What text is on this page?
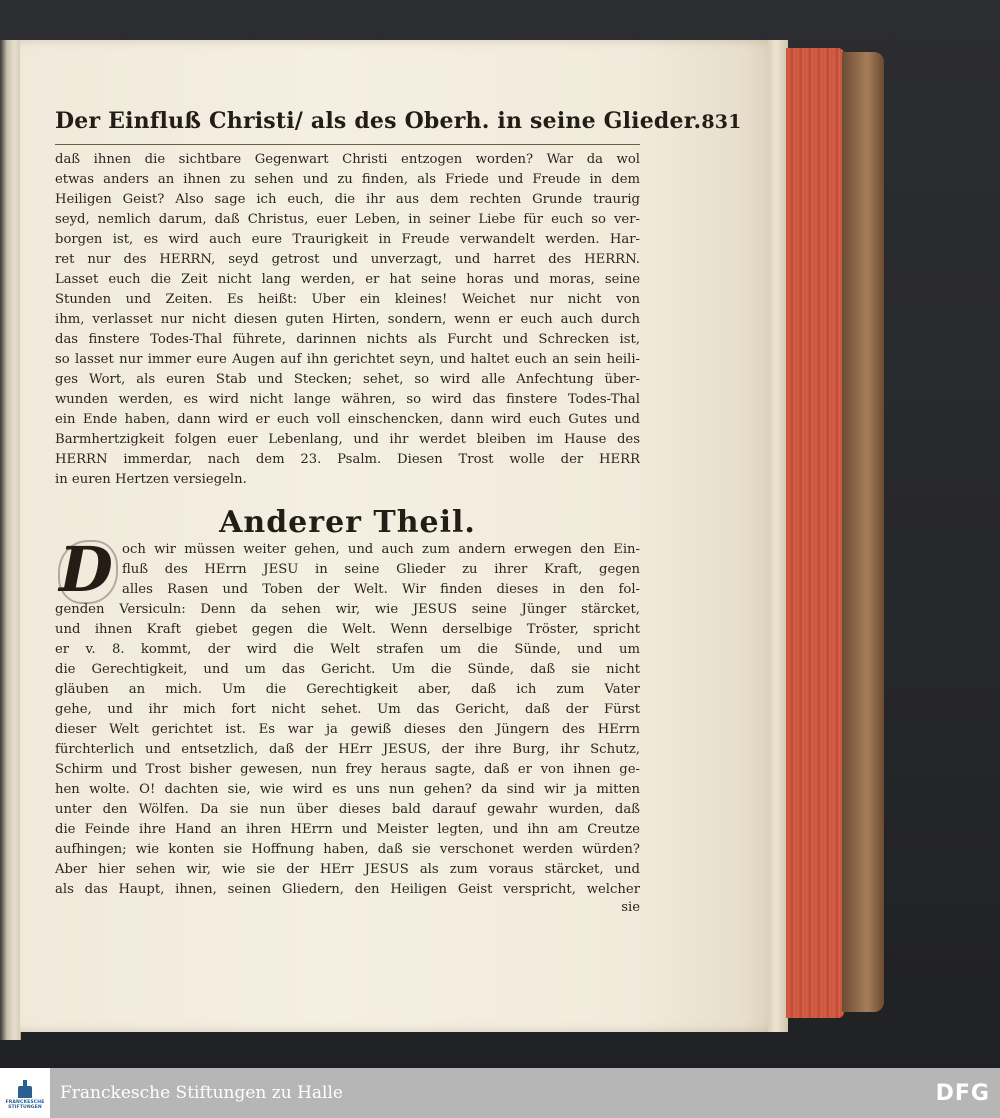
Der Einfluß Christi/ als des Oberh. in seine Glieder. 831
daß ihnen die sichtbare Gegenwart Christi entzogen worden? War da wol
etwas anders an ihnen zu sehen und zu finden, als Friede und Freude in dem
Heiligen Geist? Also sage ich euch, die ihr aus dem rechten Grunde traurig
seyd, nemlich darum, daß Christus, euer Leben, in seiner Liebe für euch so ver-
borgen ist, es wird auch eure Traurigkeit in Freude verwandelt werden. Har-
ret nur des HERRN, seyd getrost und unverzagt, und harret des HERRN.
Lasset euch die Zeit nicht lang werden, er hat seine horas und moras, seine
Stunden und Zeiten. Es heißt: Uber ein kleines! Weichet nur nicht von
ihm, verlasset nur nicht diesen guten Hirten, sondern, wenn er euch auch durch
das finstere Todes-Thal führete, darinnen nichts als Furcht und Schrecken ist,
so lasset nur immer eure Augen auf ihn gerichtet seyn, und haltet euch an sein heili-
ges Wort, als euren Stab und Stecken; sehet, so wird alle Anfechtung über-
wunden werden, es wird nicht lange währen, so wird das finstere Todes-Thal
ein Ende haben, dann wird er euch voll einschencken, dann wird euch Gutes und
Barmhertzigkeit folgen euer Lebenlang, und ihr werdet bleiben im Hause des
HERRN immerdar, nach dem 23. Psalm. Diesen Trost wolle der HERR
in euren Hertzen versiegeln.
Anderer Theil.
D och wir müssen weiter gehen, und auch zum andern erwegen den Ein-
fluß des HErrn JESU in seine Glieder zu ihrer Kraft, gegen
alles Rasen und Toben der Welt. Wir finden dieses in den fol-
genden Versiculn: Denn da sehen wir, wie JESUS seine Jünger stärcket,
und ihnen Kraft giebet gegen die Welt. Wenn derselbige Tröster, spricht
er v. 8. kommt, der wird die Welt strafen um die Sünde, und um
die Gerechtigkeit, und um das Gericht. Um die Sünde, daß sie nicht
gläuben an mich. Um die Gerechtigkeit aber, daß ich zum Vater
gehe, und ihr mich fort nicht sehet. Um das Gericht, daß der Fürst
dieser Welt gerichtet ist. Es war ja gewiß dieses den Jüngern des HErrn
fürchterlich und entsetzlich, daß der HErr JESUS, der ihre Burg, ihr Schutz,
Schirm und Trost bisher gewesen, nun frey heraus sagte, daß er von ihnen ge-
hen wolte. O! dachten sie, wie wird es uns nun gehen? da sind wir ja mitten
unter den Wölfen. Da sie nun über dieses bald darauf gewahr wurden, daß
die Feinde ihre Hand an ihren HErrn und Meister legten, und ihn am Creutze
aufhingen; wie konten sie Hoffnung haben, daß sie verschonet werden würden?
Aber hier sehen wir, wie sie der HErr JESUS als zum voraus stärcket, und
als das Haupt, ihnen, seinen Gliedern, den Heiligen Geist verspricht, welcher
sie
FRANCKESCHE
STIFTUNGEN
Franckesche Stiftungen zu Halle	DFG
